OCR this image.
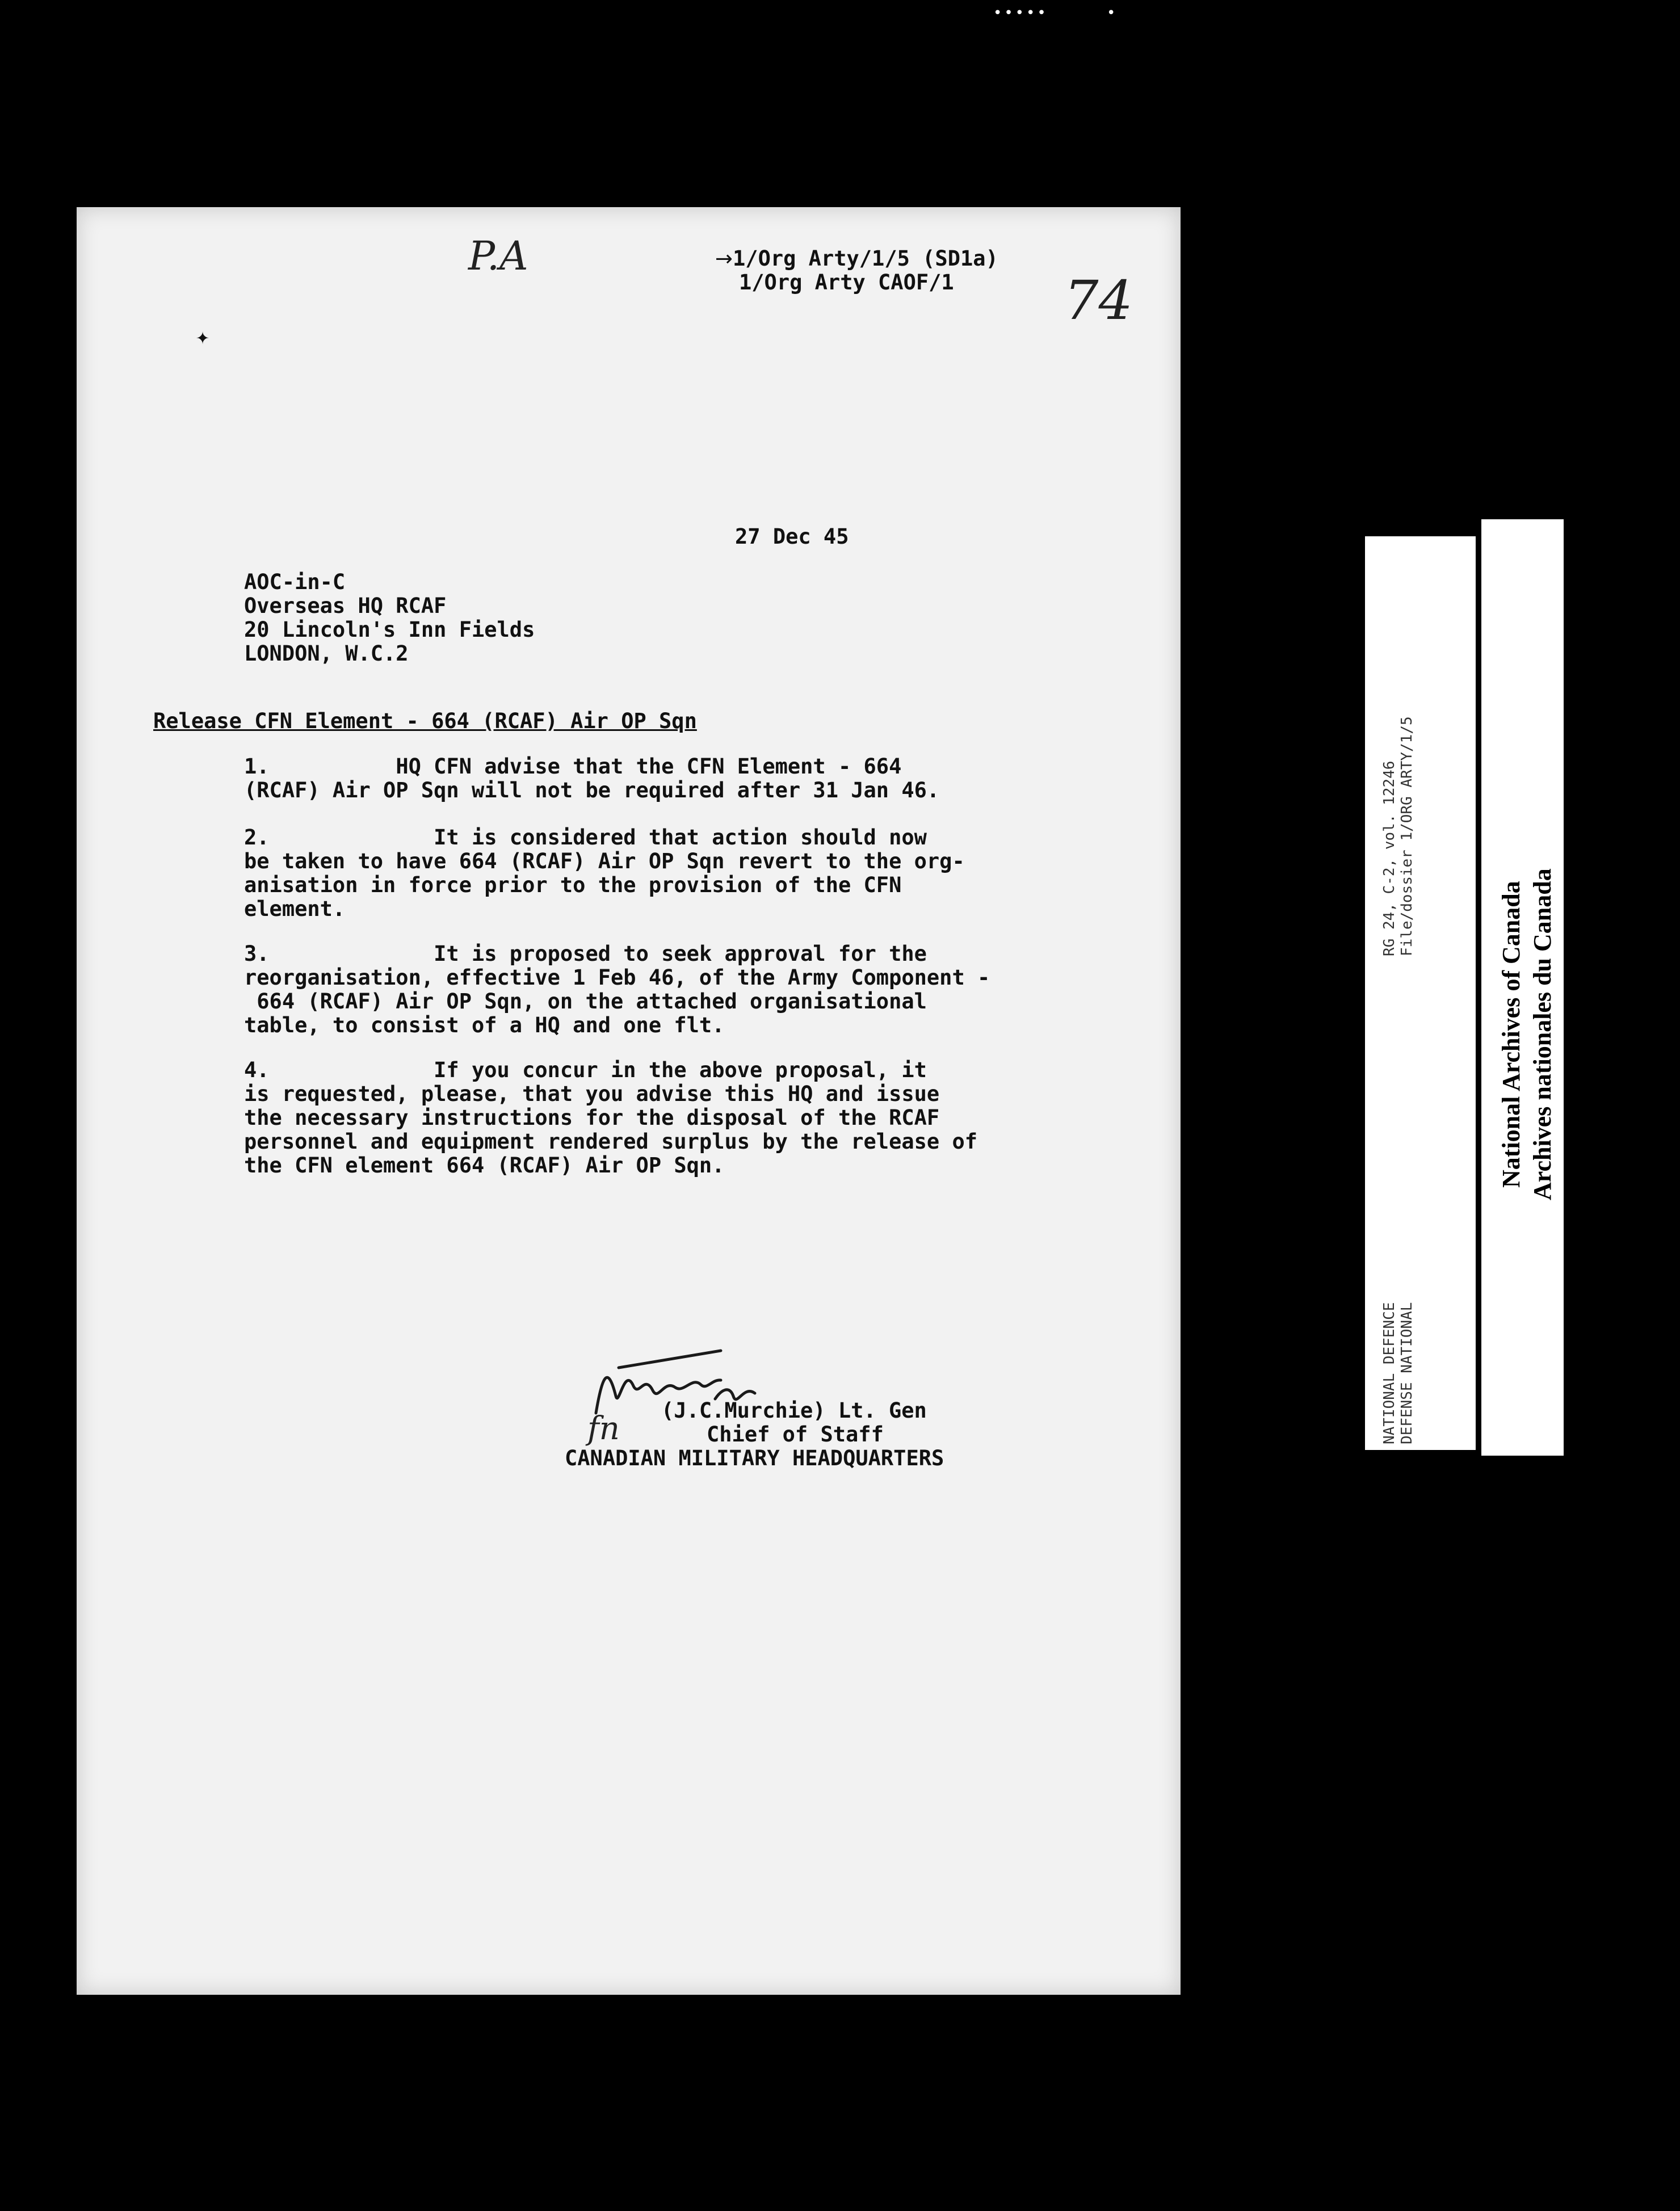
•••••	•
P.A
74
✦
→1/Org Arty/1/5 (SD1a)
1/Org Arty CAOF/1
27 Dec 45
AOC-in-C
Overseas HQ RCAF
20 Lincoln's Inn Fields
LONDON, W.C.2
Release CFN Element - 664 (RCAF) Air OP Sqn
1.	HQ CFN advise that the CFN Element - 664
(RCAF) Air OP Sqn will not be required after 31 Jan 46.
2.	It is considered that action should now
be taken to have 664 (RCAF) Air OP Sqn revert to the org-
anisation in force prior to the provision of the CFN
element.
3.	It is proposed to seek approval for the
reorganisation, effective 1 Feb 46, of the Army Component -
664 (RCAF) Air OP Sqn, on the attached organisational
table, to consist of a HQ and one flt.
4.	If you concur in the above proposal, it
is requested, please, that you advise this HQ and issue
the necessary instructions for the disposal of the RCAF
personnel and equipment rendered surplus by the release of
the CFN element 664 (RCAF) Air OP Sqn.
fn	(J.C.Murchie) Lt. Gen
Chief of Staff
CANADIAN MILITARY HEADQUARTERS
RG 24, C-2, vol. 12246
File/dossier 1/ORG ARTY/1/5
NATIONAL DEFENCE
DEFENSE NATIONAL
National Archives of Canada Archives nationales du Canada
